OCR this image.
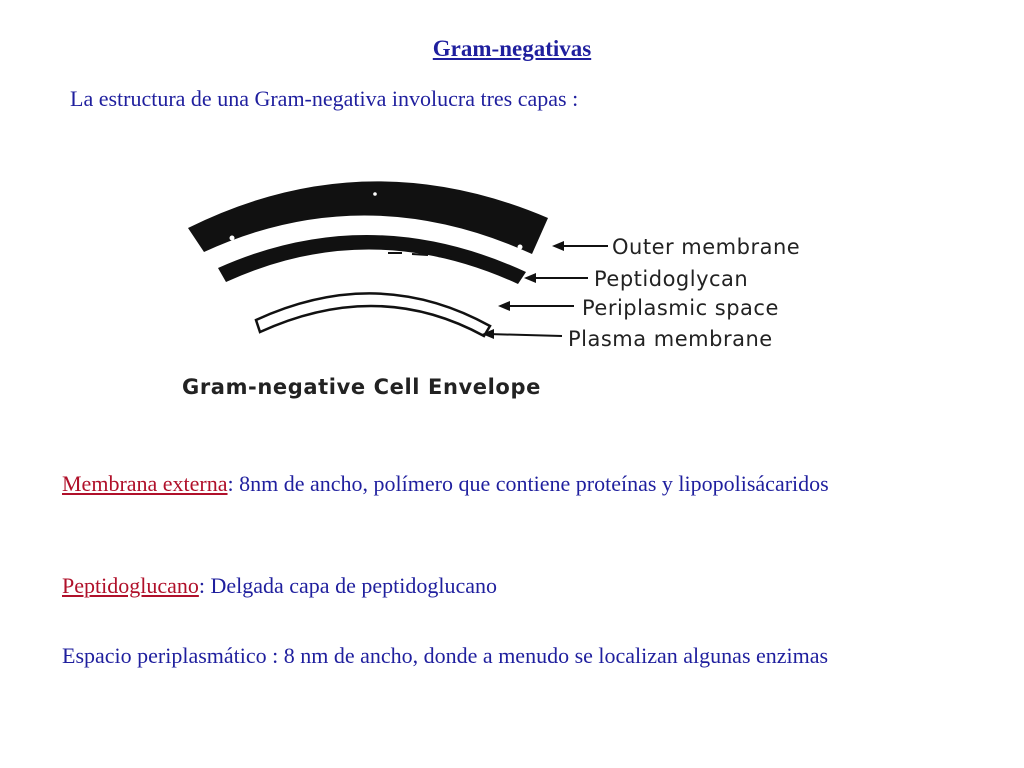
Gram-negativas

La estructura de una Gram-negativa involucra tres capas :

Outer membrane
Peptidoglycan
Periplasmic space
Plasma membrane
Gram-negative Cell Envelope

Membrana externa: 8nm de ancho, polímero que contiene proteínas y lipopolisácaridos

Peptidoglucano: Delgada capa de peptidoglucano

Espacio periplasmático : 8 nm de ancho, donde a menudo se localizan algunas enzimas
